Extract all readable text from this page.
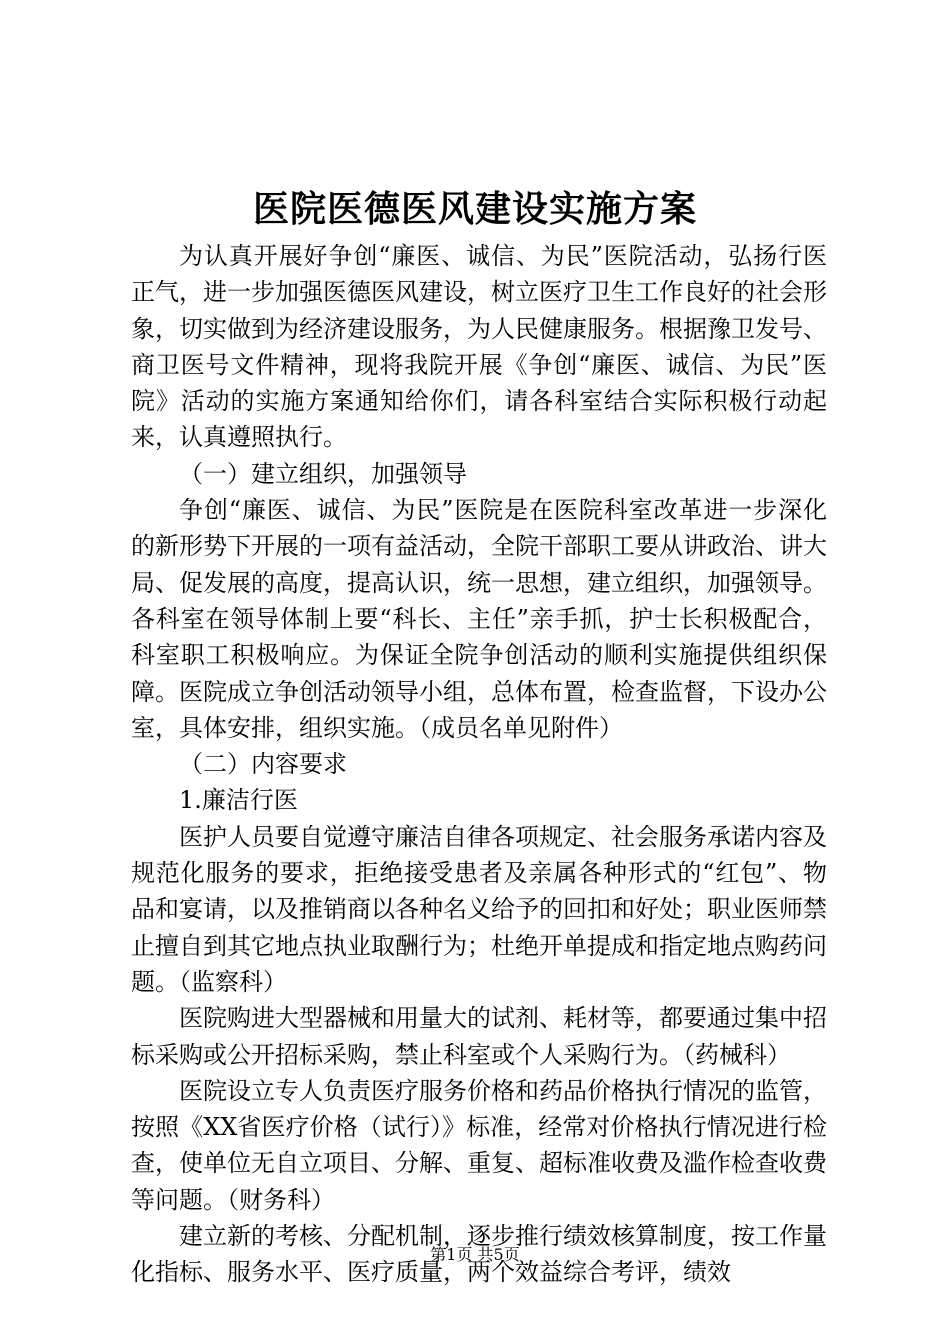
医院医德医风建设实施方案

为认真开展好争创“廉医、诚信、为民”医院活动，弘扬行医正气，进一步加强医德医风建设，树立医疗卫生工作良好的社会形象，切实做到为经济建设服务，为人民健康服务。根据豫卫发号、商卫医号文件精神，现将我院开展《争创“廉医、诚信、为民”医院》活动的实施方案通知给你们，请各科室结合实际积极行动起来，认真遵照执行。

（一）建立组织，加强领导

争创“廉医、诚信、为民”医院是在医院科室改革进一步深化的新形势下开展的一项有益活动，全院干部职工要从讲政治、讲大局、促发展的高度，提高认识，统一思想，建立组织，加强领导。各科室在领导体制上要“科长、主任”亲手抓，护士长积极配合，科室职工积极响应。为保证全院争创活动的顺利实施提供组织保障。医院成立争创活动领导小组，总体布置，检查监督，下设办公室，具体安排，组织实施。（成员名单见附件）

（二）内容要求

1.廉洁行医

医护人员要自觉遵守廉洁自律各项规定、社会服务承诺内容及规范化服务的要求，拒绝接受患者及亲属各种形式的“红包”、物品和宴请，以及推销商以各种名义给予的回扣和好处；职业医师禁止擅自到其它地点执业取酬行为；杜绝开单提成和指定地点购药问题。（监察科）

医院购进大型器械和用量大的试剂、耗材等，都要通过集中招标采购或公开招标采购，禁止科室或个人采购行为。（药械科）

医院设立专人负责医疗服务价格和药品价格执行情况的监管，按照《XX省医疗价格（试行）》标准，经常对价格执行情况进行检查，使单位无自立项目、分解、重复、超标准收费及滥作检查收费等问题。（财务科）

建立新的考核、分配机制，逐步推行绩效核算制度，按工作量化指标、服务水平、医疗质量，两个效益综合考评，绩效

第1页 共5页
